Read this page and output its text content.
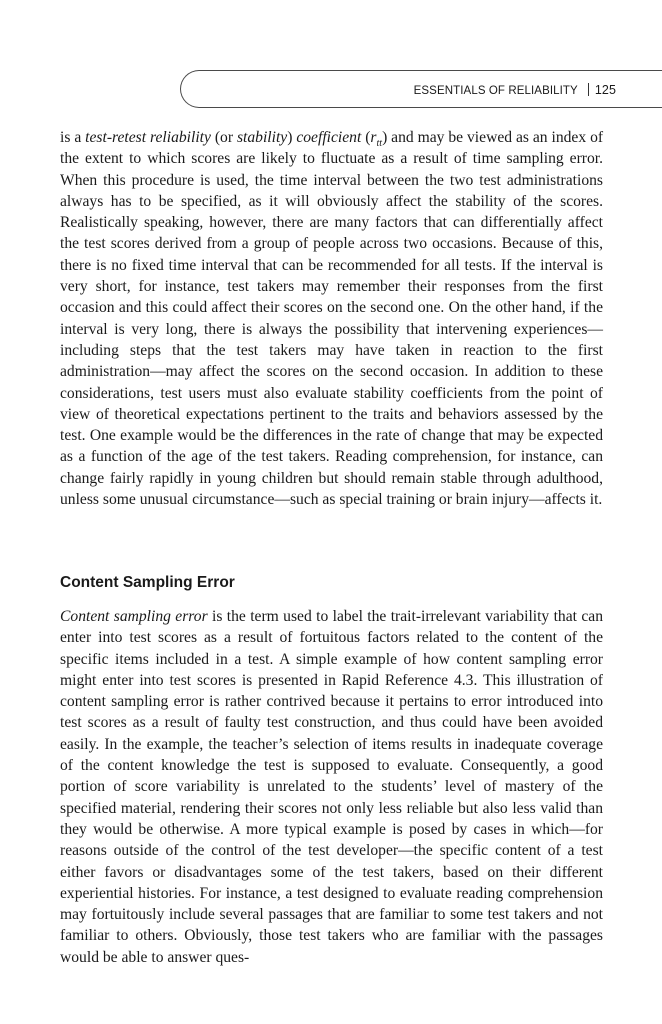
ESSENTIALS OF RELIABILITY 125

is a test-retest reliability (or stability) coefficient $(r_{tt})$ and may be viewed as an index of the extent to which scores are likely to fluctuate as a result of time sampling error. When this procedure is used, the time interval between the two test administrations always has to be specified, as it will obviously affect the stability of the scores. Realistically speaking, however, there are many factors that can differentially affect the test scores derived from a group of people across two occasions. Because of this, there is no fixed time interval that can be recommended for all tests. If the interval is very short, for instance, test takers may remember their responses from the first occasion and this could affect their scores on the second one. On the other hand, if the interval is very long, there is always the possibility that intervening experiences—including steps that the test takers may have taken in reaction to the first administration—may affect the scores on the second occasion. In addition to these considerations, test users must also evaluate stability coefficients from the point of view of theoretical expectations pertinent to the traits and behaviors assessed by the test. One example would be the differences in the rate of change that may be expected as a function of the age of the test takers. Reading comprehension, for instance, can change fairly rapidly in young children but should remain stable through adulthood, unless some unusual circumstance—such as special training or brain injury—affects it.

Content Sampling Error

Content sampling error is the term used to label the trait-irrelevant variability that can enter into test scores as a result of fortuitous factors related to the content of the specific items included in a test. A simple example of how content sampling error might enter into test scores is presented in Rapid Reference 4.3. This illustration of content sampling error is rather contrived because it pertains to error introduced into test scores as a result of faulty test construction, and thus could have been avoided easily. In the example, the teacher’s selection of items results in inadequate coverage of the content knowledge the test is supposed to evaluate. Consequently, a good portion of score variability is unrelated to the students’ level of mastery of the specified material, rendering their scores not only less reliable but also less valid than they would be otherwise. A more typical example is posed by cases in which—for reasons outside of the control of the test developer—the specific content of a test either favors or disadvantages some of the test takers, based on their different experiential histories. For instance, a test designed to evaluate reading comprehension may fortuitously include several passages that are familiar to some test takers and not familiar to others. Obviously, those test takers who are familiar with the passages would be able to answer ques-
